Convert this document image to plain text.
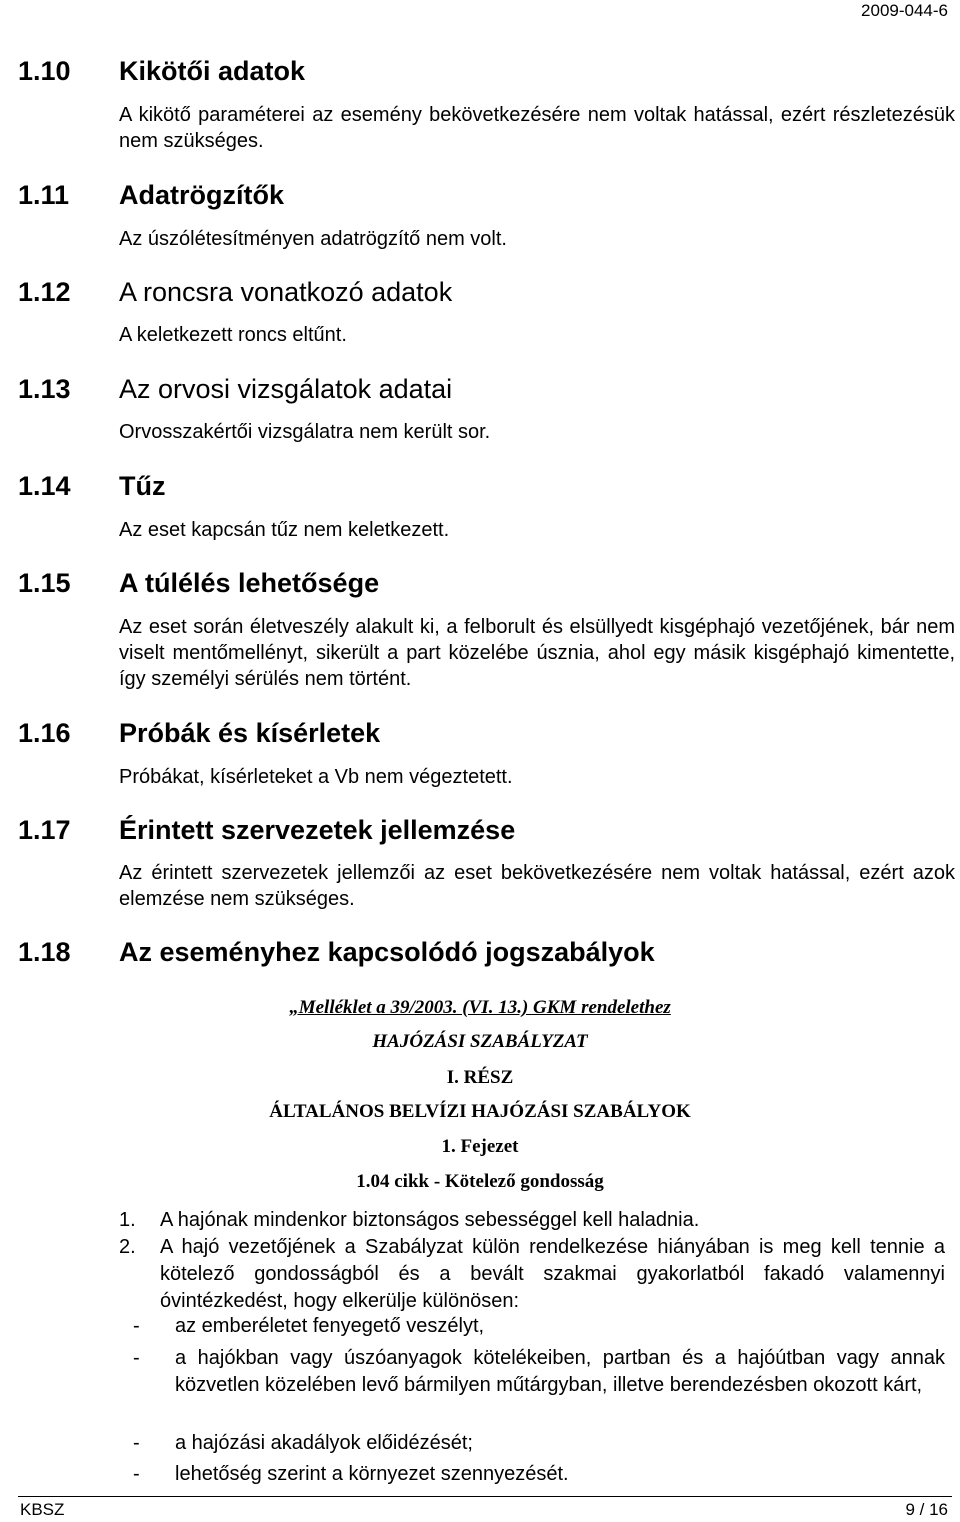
2009-044-6
1.10 Kikötői adatok
A kikötő paraméterei az esemény bekövetkezésére nem voltak hatással, ezért részletezésük nem szükséges.
1.11 Adatrögzítők
Az úszólétesítményen adatrögzítő nem volt.
1.12 A roncsra vonatkozó adatok
A keletkezett roncs eltűnt.
1.13 Az orvosi vizsgálatok adatai
Orvosszakértői vizsgálatra nem került sor.
1.14 Tűz
Az eset kapcsán tűz nem keletkezett.
1.15 A túlélés lehetősége
Az eset során életveszély alakult ki, a felborult és elsüllyedt kisgéphajó vezetőjének, bár nem viselt mentőmellényt, sikerült a part közelébe úsznia, ahol egy másik kisgéphajó kimentette, így személyi sérülés nem történt.
1.16 Próbák és kísérletek
Próbákat, kísérleteket a Vb nem végeztetett.
1.17 Érintett szervezetek jellemzése
Az érintett szervezetek jellemzői az eset bekövetkezésére nem voltak hatással, ezért azok elemzése nem szükséges.
1.18 Az eseményhez kapcsolódó jogszabályok
„Melléklet a 39/2003. (VI. 13.) GKM rendelethez
HAJÓZÁSI SZABÁLYZAT
I. RÉSZ
ÁLTALÁNOS BELVÍZI HAJÓZÁSI SZABÁLYOK
1. Fejezet
1.04 cikk - Kötelező gondosság
1. A hajónak mindenkor biztonságos sebességgel kell haladnia.
2. A hajó vezetőjének a Szabályzat külön rendelkezése hiányában is meg kell tennie a kötelező gondosságból és a bevált szakmai gyakorlatból fakadó valamennyi óvintézkedést, hogy elkerülje különösen:
- az emberéletet fenyegető veszélyt,
- a hajókban vagy úszóanyagok kötelékeiben, partban és a hajóútban vagy annak közvetlen közelében levő bármilyen műtárgyban, illetve berendezésben okozott kárt,
- a hajózási akadályok előidézését;
- lehetőség szerint a környezet szennyezését.
KBSZ	9 / 16
